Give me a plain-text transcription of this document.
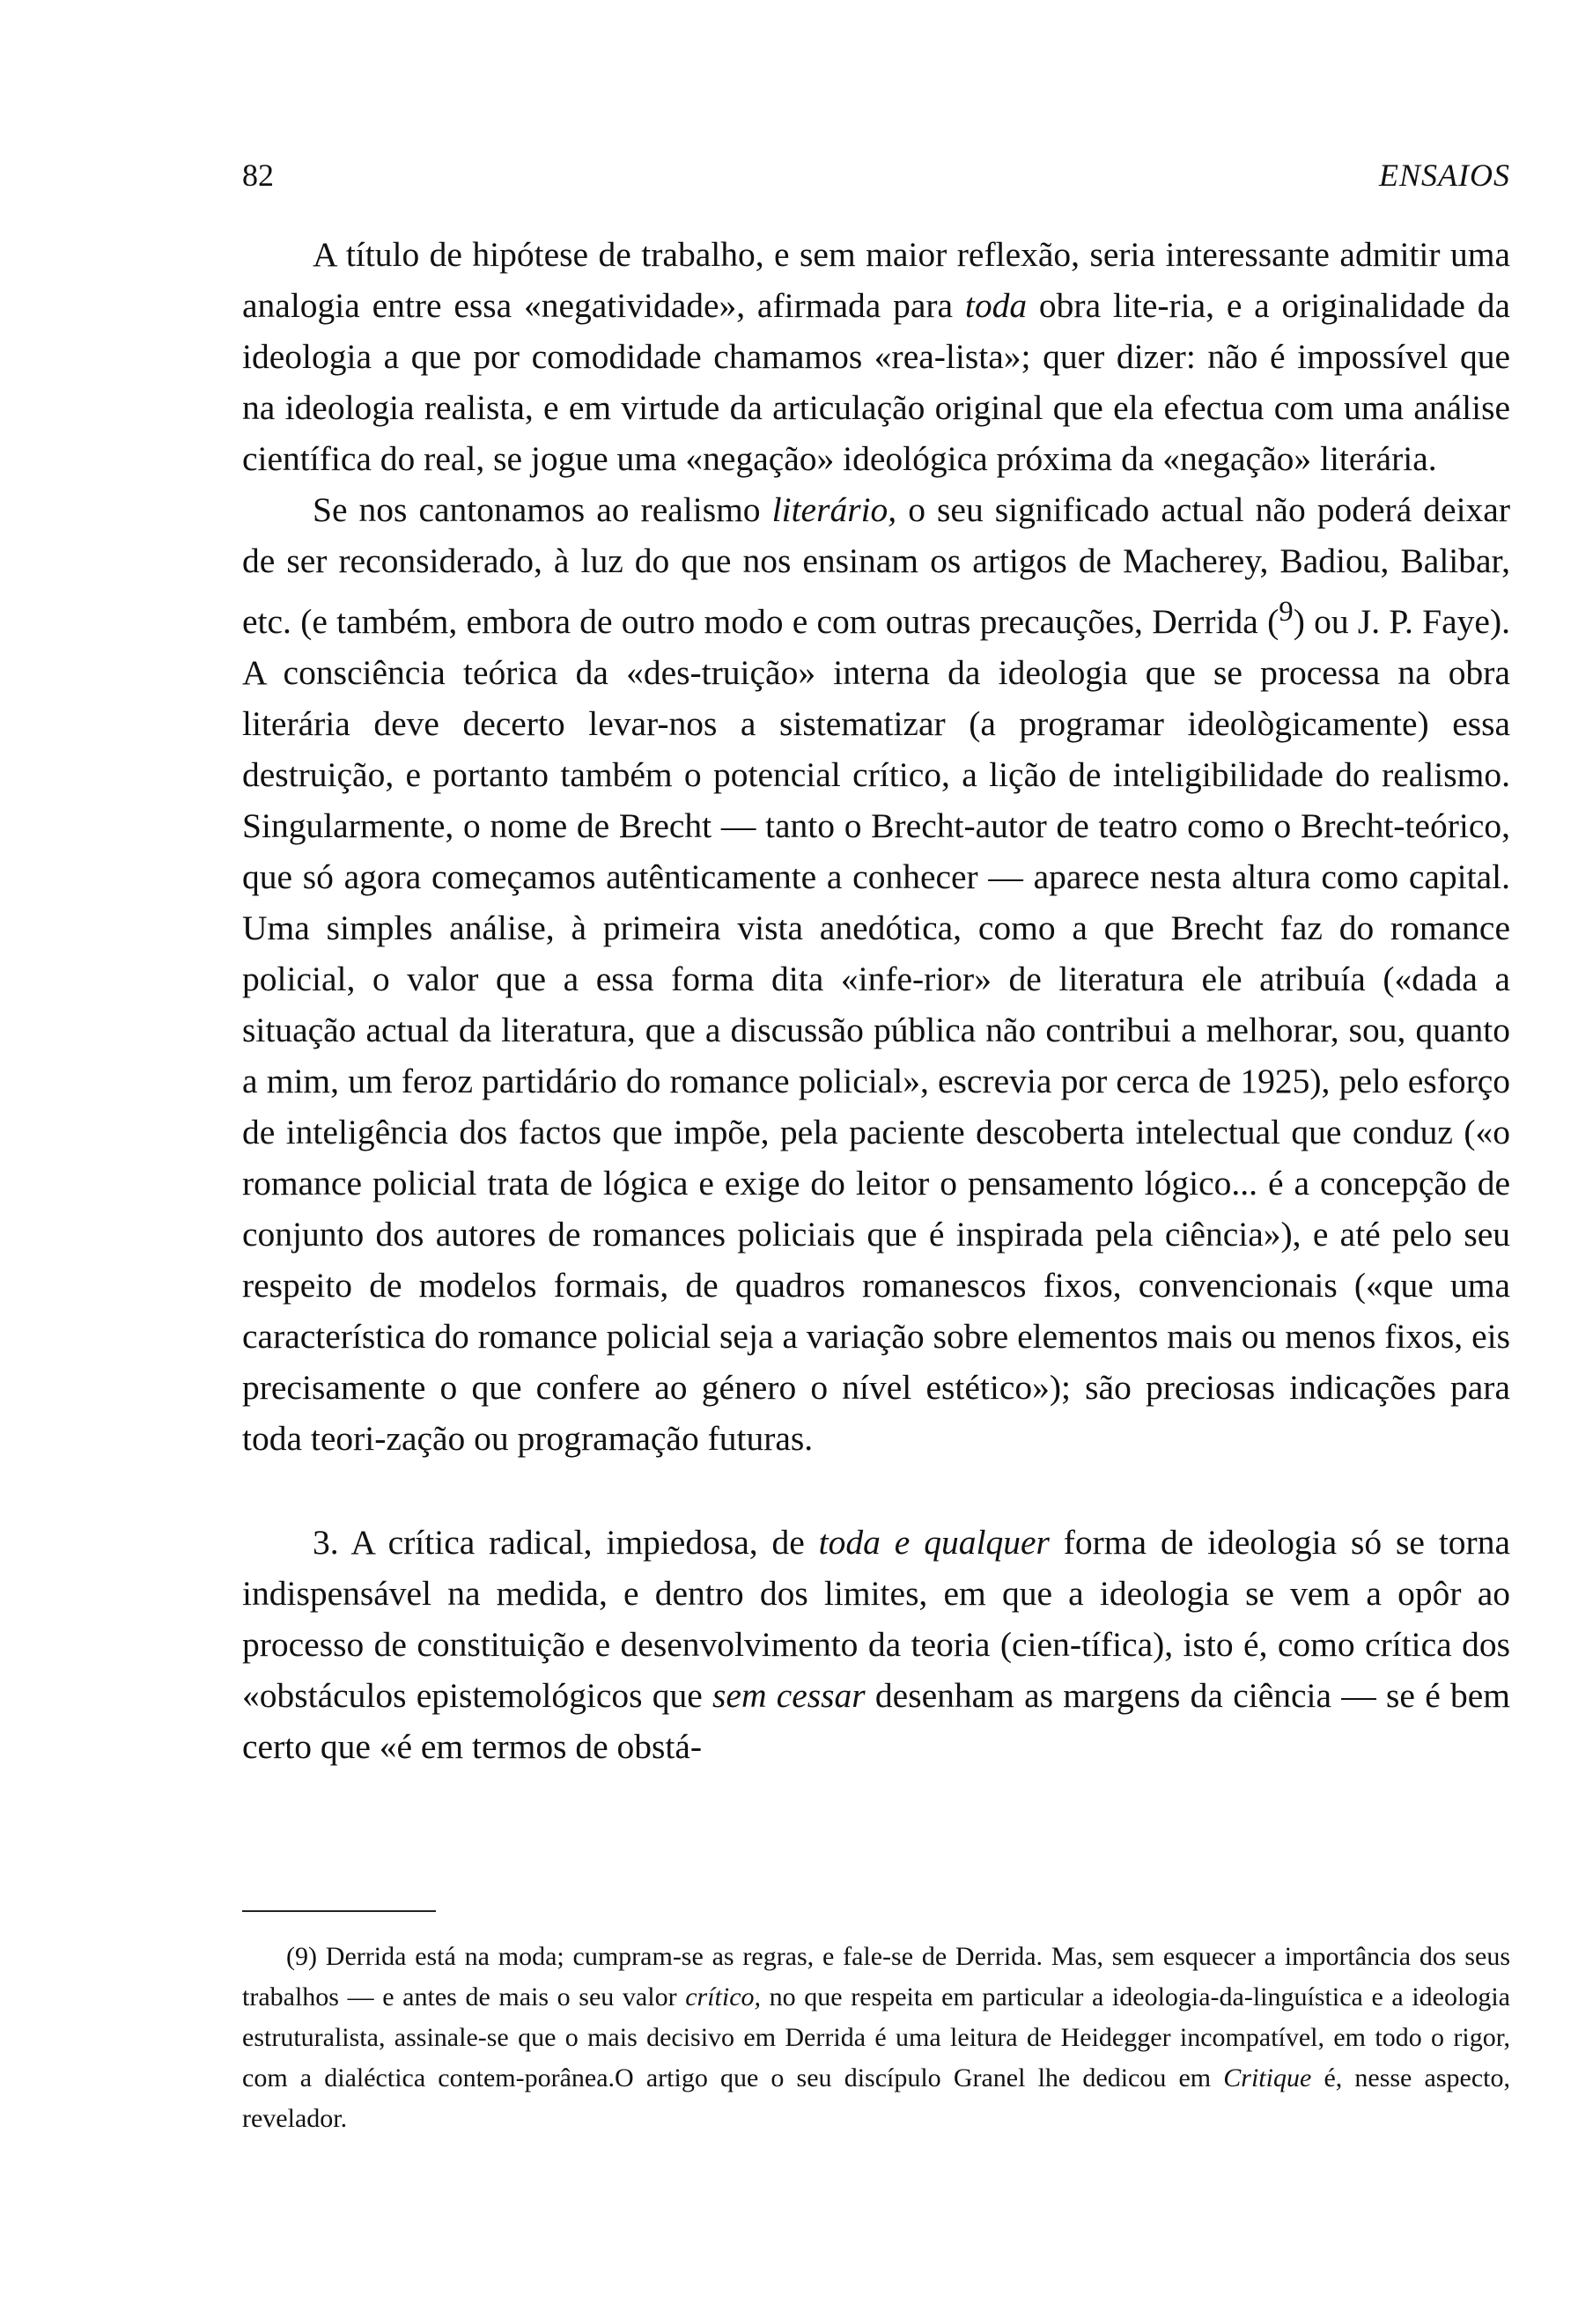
82	ENSAIOS

A título de hipótese de trabalho, e sem maior reflexão, seria interessante admitir uma analogia entre essa «negatividade», afirmada para toda obra lite-ria, e a originalidade da ideologia a que por comodidade chamamos «rea-lista»; quer dizer: não é impossível que na ideologia realista, e em virtude da articulação original que ela efectua com uma análise científica do real, se jogue uma «negação» ideológica próxima da «negação» literária.

Se nos cantonamos ao realismo literário, o seu significado actual não poderá deixar de ser reconsiderado, à luz do que nos ensinam os artigos de Macherey, Badiou, Balibar, etc. (e também, embora de outro modo e com outras precauções, Derrida ($^9$) ou J. P. Faye). A consciência teórica da «des-truição» interna da ideologia que se processa na obra literária deve decerto levar-nos a sistematizar (a programar ideològicamente) essa destruição, e portanto também o potencial crítico, a lição de inteligibilidade do realismo. Singularmente, o nome de Brecht — tanto o Brecht-autor de teatro como o Brecht-teórico, que só agora começamos autênticamente a conhecer — aparece nesta altura como capital. Uma simples análise, à primeira vista anedótica, como a que Brecht faz do romance policial, o valor que a essa forma dita «infe-rior» de literatura ele atribuía («dada a situação actual da literatura, que a discussão pública não contribui a melhorar, sou, quanto a mim, um feroz partidário do romance policial», escrevia por cerca de 1925), pelo esforço de inteligência dos factos que impõe, pela paciente descoberta intelectual que conduz («o romance policial trata de lógica e exige do leitor o pensamento lógico... é a concepção de conjunto dos autores de romances policiais que é inspirada pela ciência»), e até pelo seu respeito de modelos formais, de quadros romanescos fixos, convencionais («que uma característica do romance policial seja a variação sobre elementos mais ou menos fixos, eis precisamente o que confere ao género o nível estético»); são preciosas indicações para toda teori-zação ou programação futuras.

3. A crítica radical, impiedosa, de toda e qualquer forma de ideologia só se torna indispensável na medida, e dentro dos limites, em que a ideologia se vem a opôr ao processo de constituição e desenvolvimento da teoria (cien-tífica), isto é, como crítica dos «obstáculos epistemológicos que sem cessar desenham as margens da ciência — se é bem certo que «é em termos de obstá-

(9) Derrida está na moda; cumpram-se as regras, e fale-se de Derrida. Mas, sem esquecer a importância dos seus trabalhos — e antes de mais o seu valor crítico, no que respeita em particular a ideologia-da-linguística e a ideologia estruturalista, assinale-se que o mais decisivo em Derrida é uma leitura de Heidegger incompatível, em todo o rigor, com a dialéctica contem-porânea.O artigo que o seu discípulo Granel lhe dedicou em Critique é, nesse aspecto, revelador.
